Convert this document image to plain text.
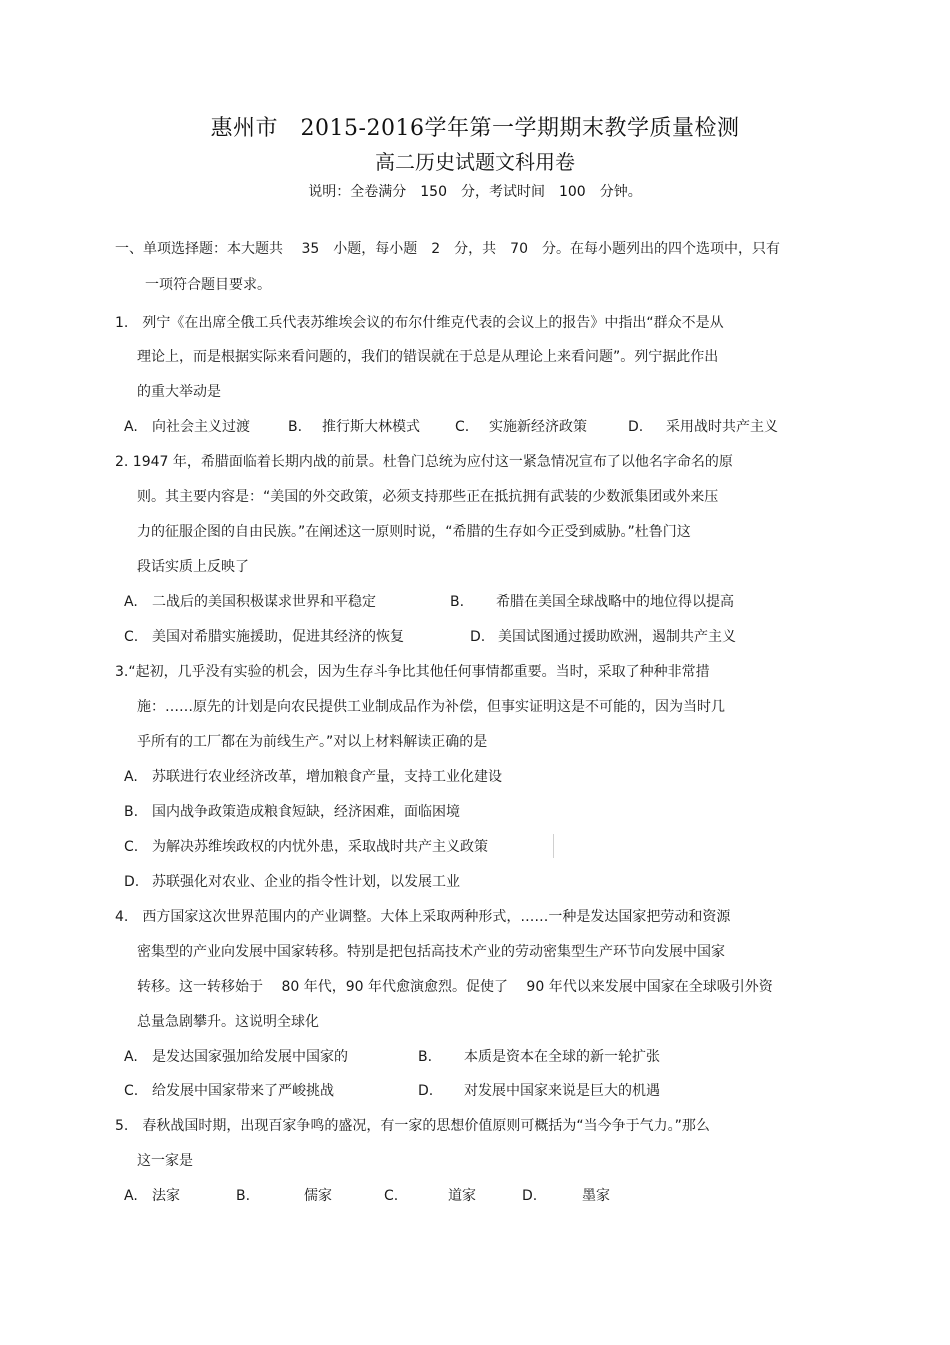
惠州市　2015-2016学年第一学期期末教学质量检测
高二历史试题文科用卷
说明：全卷满分　150　分，考试时间　100　分钟。
一、单项选择题：本大题共　 35　小题，每小题　2　分，共　70　分。在每小题列出的四个选项中，只有
一项符合题目要求。
1.　列宁《在出席全俄工兵代表苏维埃会议的布尔什维克代表的会议上的报告》中指出“群众不是从
理论上，而是根据实际来看问题的，我们的错误就在于总是从理论上来看问题”。列宁据此作出
的重大举动是
A. 向社会主义过渡	B. 推行斯大林模式	C. 实施新经济政策	D. 采用战时共产主义
2. 1947 年，希腊面临着长期内战的前景。杜鲁门总统为应付这一紧急情况宣布了以他名字命名的原
则。其主要内容是：“美国的外交政策，必须支持那些正在抵抗拥有武装的少数派集团或外来压
力的征服企图的自由民族。”在阐述这一原则时说，“希腊的生存如今正受到威胁。”杜鲁门这
段话实质上反映了
A. 二战后的美国积极谋求世界和平稳定	B. 希腊在美国全球战略中的地位得以提高
C. 美国对希腊实施援助，促进其经济的恢复	D. 美国试图通过援助欧洲，遏制共产主义
3.“起初，几乎没有实验的机会，因为生存斗争比其他任何事情都重要。当时，采取了种种非常措
施：……原先的计划是向农民提供工业制成品作为补偿，但事实证明这是不可能的，因为当时几
乎所有的工厂都在为前线生产。”对以上材料解读正确的是
A. 苏联进行农业经济改革，增加粮食产量，支持工业化建设
B. 国内战争政策造成粮食短缺，经济困难，面临困境
C. 为解决苏维埃政权的内忧外患，采取战时共产主义政策
D. 苏联强化对农业、企业的指令性计划，以发展工业
4.　西方国家这次世界范围内的产业调整。大体上采取两种形式，……一种是发达国家把劳动和资源
密集型的产业向发展中国家转移。特别是把包括高技术产业的劳动密集型生产环节向发展中国家
转移。这一转移始于　 80 年代，90 年代愈演愈烈。促使了　 90 年代以来发展中国家在全球吸引外资
总量急剧攀升。这说明全球化
A. 是发达国家强加给发展中国家的	B. 本质是资本在全球的新一轮扩张
C. 给发展中国家带来了严峻挑战	D. 对发展中国家来说是巨大的机遇
5.　春秋战国时期，出现百家争鸣的盛况，有一家的思想价值原则可概括为“当今争于气力。”那么
这一家是
A. 法家	B.	儒家	C.	道家	D.	墨家
